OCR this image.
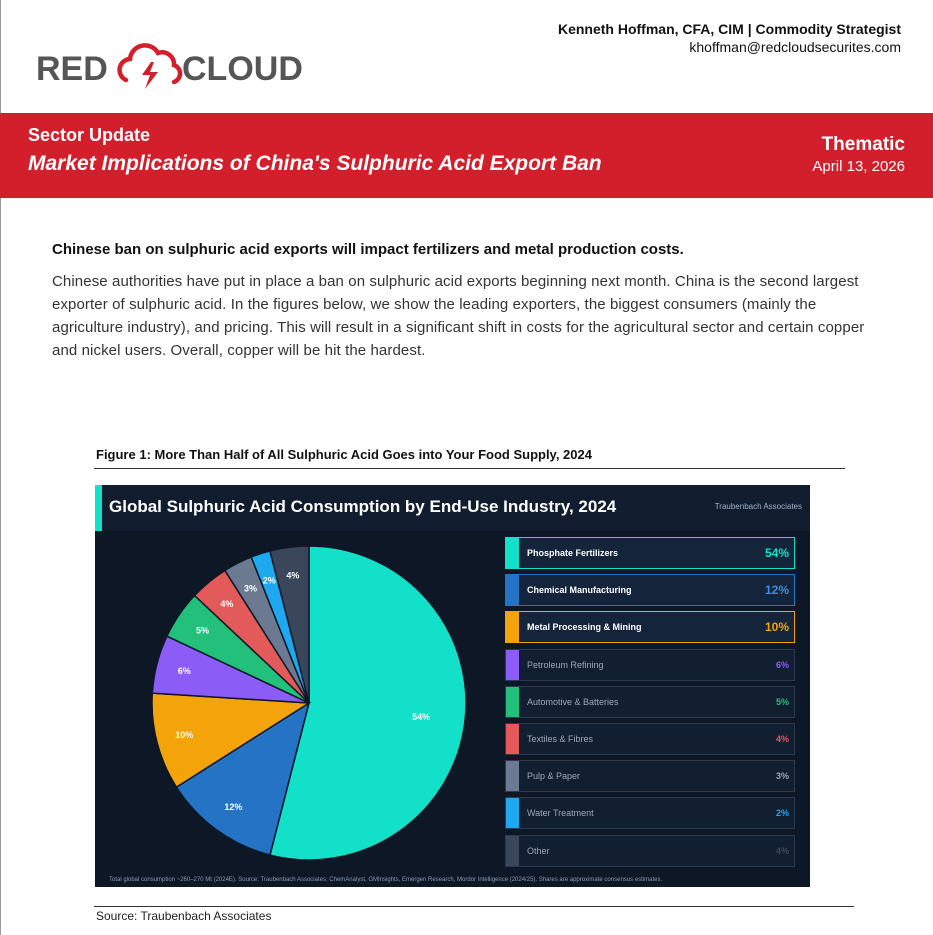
RED CLOUD
Kenneth Hoffman, CFA, CIM | Commodity Strategist
khoffman@redcloudsecurites.com
Sector Update
Market Implications of China's Sulphuric Acid Export Ban
Thematic
April 13, 2026
Chinese ban on sulphuric acid exports will impact fertilizers and metal production costs.
Chinese authorities have put in place a ban on sulphuric acid exports beginning next month. China is the second largest exporter of sulphuric acid. In the figures below, we show the leading exporters, the biggest consumers (mainly the agriculture industry), and pricing. This will result in a significant shift in costs for the agricultural sector and certain copper and nickel users. Overall, copper will be hit the hardest.
Figure 1: More Than Half of All Sulphuric Acid Goes into Your Food Supply, 2024
Global Sulphuric Acid Consumption by End-Use Industry, 2024	Traubenbach Associates
54%
12%
10%
6%
5%
4%
3%
2%
4%
Phosphate Fertilizers	54%
Chemical Manufacturing	12%
Metal Processing & Mining	10%
Petroleum Refining	6%
Automotive & Batteries	5%
Textiles & Fibres	4%
Pulp & Paper	3%
Water Treatment	2%
Other	4%
Total global consumption ~260–270 Mt (2024E). Source: Traubenbach Associates; ChemAnalyst, GMInsights, Emergen Research, Mordor Intelligence (2024/25). Shares are approximate consensus estimates.
Source: Traubenbach Associates
